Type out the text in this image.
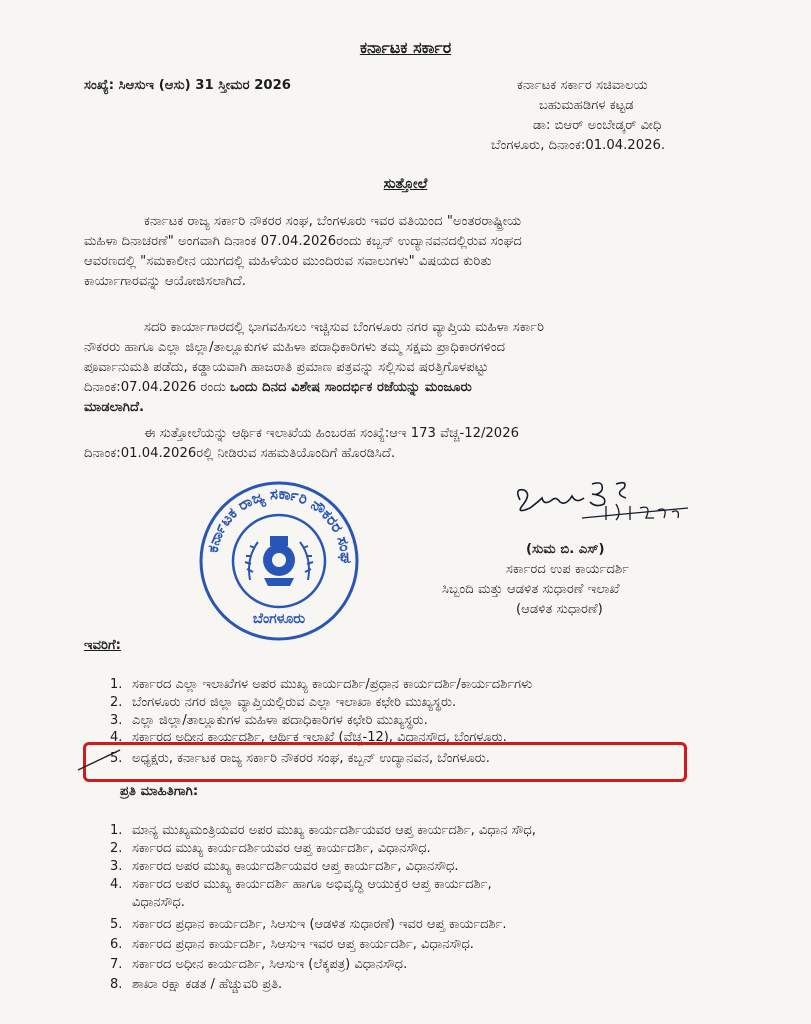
ಕರ್ನಾಟಕ ಸರ್ಕಾರ
ಸಂಖ್ಯೆ: ಸಿಆಸುಇ (ಆಸು) 31 ಸ್ತೀಮರ 2026	ಕರ್ನಾಟಕ ಸರ್ಕಾರ ಸಚಿವಾಲಯ
ಬಹುಮಹಡಿಗಳ ಕಟ್ಟಡ
ಡಾ: ಬಿಆರ್ ಅಂಬೇಡ್ಕರ್ ವೀಧಿ
ಬೆಂಗಳೂರು, ದಿನಾಂಕ:01.04.2026.
ಸುತ್ತೋಲೆ
ಕರ್ನಾಟಕ ರಾಜ್ಯ ಸರ್ಕಾರಿ ನೌಕರರ ಸಂಘ, ಬೆಂಗಳೂರು ಇವರ ವತಿಯಿಂದ "ಅಂತರರಾಷ್ಟ್ರೀಯ
ಮಹಿಳಾ ದಿನಾಚರಣೆ" ಅಂಗವಾಗಿ ದಿನಾಂಕ 07.04.2026ರಂದು ಕಬ್ಬನ್ ಉದ್ಯಾನವನದಲ್ಲಿರುವ ಸಂಘದ
ಆವರಣದಲ್ಲಿ "ಸಮಕಾಲೀನ ಯುಗದಲ್ಲಿ ಮಹಿಳೆಯರ ಮುಂದಿರುವ ಸವಾಲುಗಳು" ವಿಷಯದ ಕುರಿತು
ಕಾರ್ಯಾಗಾರವನ್ನು ಆಯೋಜಿಸಲಾಗಿದೆ.
ಸದರಿ ಕಾರ್ಯಾಗಾರದಲ್ಲಿ ಭಾಗವಹಿಸಲು ಇಚ್ಚಿಸುವ ಬೆಂಗಳೂರು ನಗರ ವ್ಯಾಪ್ತಿಯ ಮಹಿಳಾ ಸರ್ಕಾರಿ
ನೌಕರರು ಹಾಗೂ ಎಲ್ಲಾ ಜಿಲ್ಲಾ/ತಾಲ್ಲೂಕುಗಳ ಮಹಿಳಾ ಪದಾಧಿಕಾರಿಗಳು ತಮ್ಮ ಸಕ್ಷಮ ಪ್ರಾಧಿಕಾರಗಳಿಂದ
ಪೂರ್ವಾನುಮತಿ ಪಡೆದು, ಕಡ್ಡಾಯವಾಗಿ ಹಾಜರಾತಿ ಪ್ರಮಾಣ ಪತ್ರವನ್ನು ಸಲ್ಲಿಸುವ ಷರತ್ತಿಗೊಳಪಟ್ಟು
ದಿನಾಂಕ:07.04.2026 ರಂದು ಒಂದು ದಿನದ ವಿಶೇಷ ಸಾಂದರ್ಭಿಕ ರಜೆಯನ್ನು ಮಂಜೂರು
ಮಾಡಲಾಗಿದೆ.
ಈ ಸುತ್ತೋಲೆಯನ್ನು ಆರ್ಥಿಕ ಇಲಾಖೆಯ ಹಿಂಬರಹ ಸಂಖ್ಯೆ:ಆಇ 173 ವೆಚ್ಚ-12/2026
ದಿನಾಂಕ:01.04.2026ರಲ್ಲಿ ನೀಡಿರುವ ಸಹಮತಿಯೊಂದಿಗೆ ಹೊರಡಿಸಿದೆ.
ಕರ್ನಾಟಕ ರಾಜ್ಯ ಸರ್ಕಾರಿ ನೌಕರರ ಸಂಘ
ಬೆಂಗಳೂರು
(ಸುಮ ಬಿ. ಎಸ್)
ಸರ್ಕಾರದ ಉಪ ಕಾರ್ಯದರ್ಶಿ
ಸಿಬ್ಬಂದಿ ಮತ್ತು ಆಡಳಿತ ಸುಧಾರಣೆ ಇಲಾಖೆ
(ಆಡಳಿತ ಸುಧಾರಣೆ)
ಇವರಿಗೆ:
1. ಸರ್ಕಾರದ ಎಲ್ಲಾ ಇಲಾಖೆಗಳ ಅಪರ ಮುಖ್ಯ ಕಾರ್ಯದರ್ಶಿ/ಪ್ರಧಾನ ಕಾರ್ಯದರ್ಶಿ/ಕಾರ್ಯದರ್ಶಿಗಳು
2. ಬೆಂಗಳೂರು ನಗರ ಜಿಲ್ಲಾ ವ್ಯಾಪ್ತಿಯಲ್ಲಿರುವ ಎಲ್ಲಾ ಇಲಾಖಾ ಕಛೇರಿ ಮುಖ್ಯಸ್ಥರು.
3. ಎಲ್ಲಾ ಜಿಲ್ಲಾ/ತಾಲ್ಲೂಕುಗಳ ಮಹಿಳಾ ಪದಾಧಿಕಾರಿಗಳ ಕಛೇರಿ ಮುಖ್ಯಸ್ಥರು.
4. ಸರ್ಕಾರದ ಅಧೀನ ಕಾರ್ಯದರ್ಶಿ, ಆರ್ಥಿಕ ಇಲಾಖೆ (ವೆಚ್ಚ-12), ವಿಧಾನಸೌಧ, ಬೆಂಗಳೂರು.
5. ಅಧ್ಯಕ್ಷರು, ಕರ್ನಾಟಕ ರಾಜ್ಯ ಸರ್ಕಾರಿ ನೌಕರರ ಸಂಘ, ಕಬ್ಬನ್ ಉದ್ಯಾನವನ, ಬೆಂಗಳೂರು.
ಪ್ರತಿ ಮಾಹಿತಿಗಾಗಿ:
1. ಮಾನ್ಯ ಮುಖ್ಯಮಂತ್ರಿಯವರ ಅಪರ ಮುಖ್ಯ ಕಾರ್ಯದರ್ಶಿಯವರ ಆಪ್ತ ಕಾರ್ಯದರ್ಶಿ, ವಿಧಾನ ಸೌಧ,
2. ಸರ್ಕಾರದ ಮುಖ್ಯ ಕಾರ್ಯದರ್ಶಿಯವರ ಆಪ್ತ ಕಾರ್ಯದರ್ಶಿ, ವಿಧಾನಸೌಧ.
3. ಸರ್ಕಾರದ ಅಪರ ಮುಖ್ಯ ಕಾರ್ಯದರ್ಶಿಯವರ ಆಪ್ತ ಕಾರ್ಯದರ್ಶಿ, ವಿಧಾನಸೌಧ.
4. ಸರ್ಕಾರದ ಅಪರ ಮುಖ್ಯ ಕಾರ್ಯದರ್ಶಿ ಹಾಗೂ ಅಭಿವೃದ್ಧಿ ಆಯುಕ್ತರ ಆಪ್ತ ಕಾರ್ಯದರ್ಶಿ,
ವಿಧಾನಸೌಧ.
5. ಸರ್ಕಾರದ ಪ್ರಧಾನ ಕಾರ್ಯದರ್ಶಿ, ಸಿಆಸುಇ (ಆಡಳಿತ ಸುಧಾರಣೆ) ಇವರ ಆಪ್ತ ಕಾರ್ಯದರ್ಶಿ.
6. ಸರ್ಕಾರದ ಪ್ರಧಾನ ಕಾರ್ಯದರ್ಶಿ, ಸಿಆಸುಇ ಇವರ ಆಪ್ತ ಕಾರ್ಯದರ್ಶಿ, ವಿಧಾನಸೌಧ.
7. ಸರ್ಕಾರದ ಅಧೀನ ಕಾರ್ಯದರ್ಶಿ, ಸಿಆಸುಇ (ಲೆಕ್ಕಪತ್ರ) ವಿಧಾನಸೌಧ.
8. ಶಾಖಾ ರಕ್ಷಾ ಕಡತ / ಹೆಚ್ಚುವರಿ ಪ್ರತಿ.
